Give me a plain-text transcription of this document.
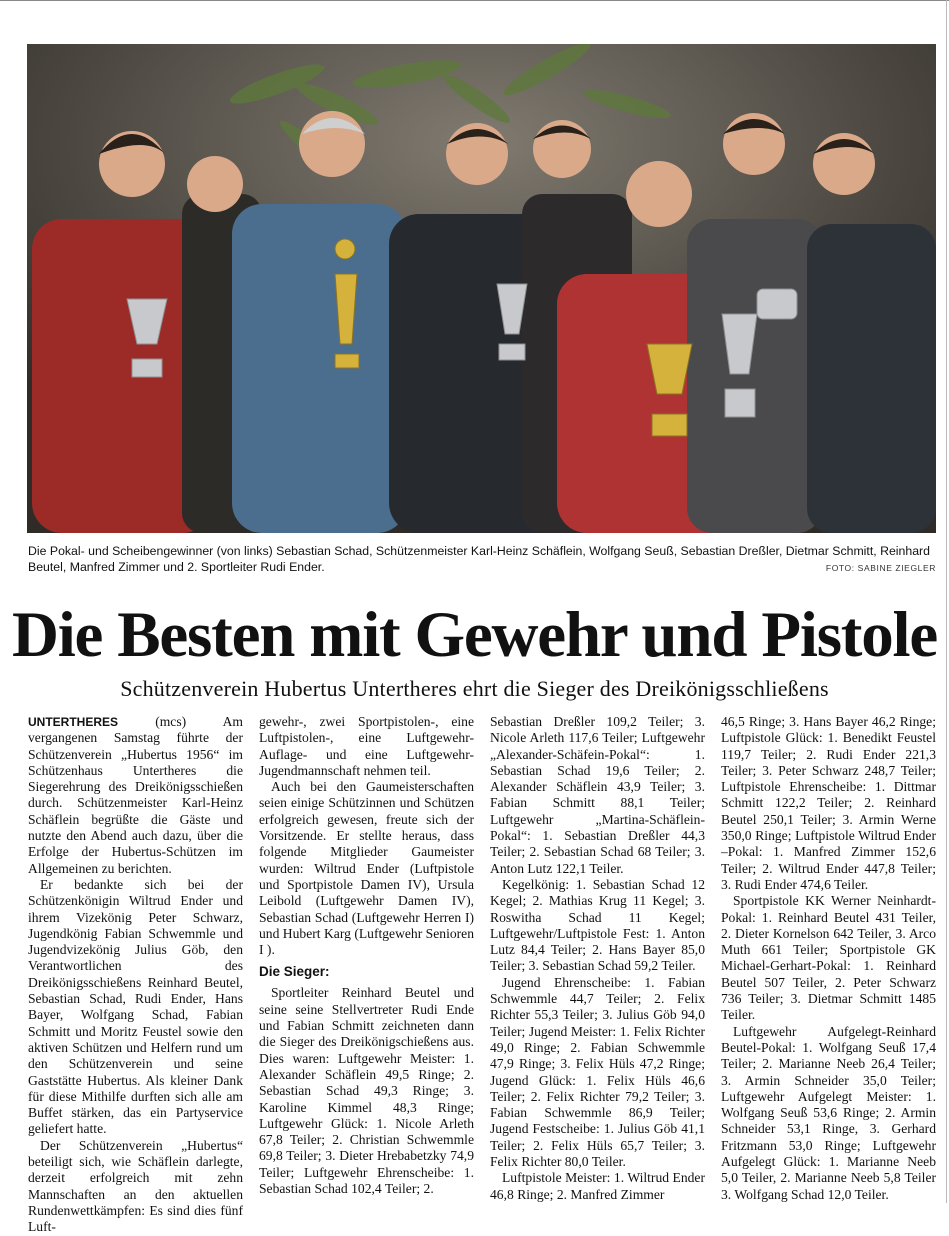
Die Pokal- und Scheibengewinner (von links) Sebastian Schad, Schützenmeister Karl-Heinz Schäflein, Wolfgang Seuß, Sebastian Dreßler, Dietmar Schmitt, Reinhard Beutel, Manfred Zimmer und 2. Sportleiter Rudi Ender.	FOTO: SABINE ZIEGLER
Die Besten mit Gewehr und Pistole
Schützenverein Hubertus Untertheres ehrt die Sieger des Dreikönigsschließens

UNTERTHERES	(mcs) Am vergangenen Samstag führte der Schützenverein „Hubertus 1956“ im Schützenhaus Untertheres die Siegerehrung des Dreikönigsschießen durch. Schützenmeister Karl-Heinz Schäflein begrüßte die Gäste und nutzte den Abend auch dazu, über die Erfolge der Hubertus-Schützen im Allgemeinen zu berichten.

Er bedankte sich bei der Schützenkönigin Wiltrud Ender und ihrem Vizekönig Peter Schwarz, Jugendkönig Fabian Schwemmle und Jugendvizekönig Julius Göb, den Verantwortlichen des Dreikönigsschießens Reinhard Beutel, Sebastian Schad, Rudi Ender, Hans Bayer, Wolfgang Schad, Fabian Schmitt und Moritz Feustel sowie den aktiven Schützen und Helfern rund um den Schützenverein und seine Gaststätte Hubertus. Als kleiner Dank für diese Mithilfe durften sich alle am Buffet stärken, das ein Partyservice geliefert hatte.

Der Schützenverein „Hubertus“ beteiligt sich, wie Schäflein darlegte, derzeit erfolgreich mit zehn Mannschaften an den aktuellen Rundenwettkämpfen: Es sind dies fünf Luft-

gewehr-, zwei Sportpistolen-, eine Luftpistolen-, eine Luftgewehr-Auflage- und eine Luftgewehr-Jugendmannschaft nehmen teil.

Auch bei den Gaumeisterschaften seien einige Schützinnen und Schützen erfolgreich gewesen, freute sich der Vorsitzende. Er stellte heraus, dass folgende Mitglieder Gaumeister wurden: Wiltrud Ender (Luftpistole und Sportpistole Damen IV), Ursula Leibold (Luftgewehr Damen IV), Sebastian Schad (Luftgewehr Herren I) und Hubert Karg (Luftgewehr Senioren I ).

Die Sieger:

Sportleiter Reinhard Beutel und seine seine Stellvertreter Rudi Ende und Fabian Schmitt zeichneten dann die Sieger des Dreikönigschießens aus. Dies waren: Luftgewehr Meister: 1. Alexander Schäflein 49,5 Ringe; 2. Sebastian Schad 49,3 Ringe; 3. Karoline Kimmel 48,3 Ringe; Luftgewehr Glück: 1. Nicole Arleth 67,8 Teiler; 2. Christian Schwemmle 69,8 Teiler; 3. Dieter Hrebabetzky 74,9 Teiler; Luftgewehr Ehrenscheibe: 1. Sebastian Schad 102,4 Teiler; 2.

Sebastian Dreßler 109,2 Teiler; 3. Nicole Arleth 117,6 Teiler; Luftgewehr „Alexander-Schäfein-Pokal“: 1. Sebastian Schad 19,6 Teiler; 2. Alexander Schäflein 43,9 Teiler; 3. Fabian Schmitt 88,1 Teiler; Luftgewehr „Martina-Schäflein-Pokal“: 1. Sebastian Dreßler 44,3 Teiler; 2. Sebastian Schad 68 Teiler; 3. Anton Lutz 122,1 Teiler.

Kegelkönig: 1. Sebastian Schad 12 Kegel; 2. Mathias Krug 11 Kegel; 3. Roswitha Schad 11 Kegel; Luftgewehr/Luftpistole Fest: 1. Anton Lutz 84,4 Teiler; 2. Hans Bayer 85,0 Teiler; 3. Sebastian Schad 59,2 Teiler.

Jugend Ehrenscheibe: 1. Fabian Schwemmle 44,7 Teiler; 2. Felix Richter 55,3 Teiler; 3. Julius Göb 94,0 Teiler; Jugend Meister: 1. Felix Richter 49,0 Ringe; 2. Fabian Schwemmle 47,9 Ringe; 3. Felix Hüls 47,2 Ringe; Jugend Glück: 1. Felix Hüls 46,6 Teiler; 2. Felix Richter 79,2 Teiler; 3. Fabian Schwemmle 86,9 Teiler; Jugend Festscheibe: 1. Julius Göb 41,1 Teiler; 2. Felix Hüls 65,7 Teiler; 3. Felix Richter 80,0 Teiler.

Luftpistole Meister: 1. Wiltrud Ender 46,8 Ringe; 2. Manfred Zimmer

46,5 Ringe; 3. Hans Bayer 46,2 Ringe; Luftpistole Glück: 1. Benedikt Feustel 119,7 Teiler; 2. Rudi Ender 221,3 Teiler; 3. Peter Schwarz 248,7 Teiler; Luftpistole Ehrenscheibe: 1. Dittmar Schmitt 122,2 Teiler; 2. Reinhard Beutel 250,1 Teiler; 3. Armin Werne 350,0 Ringe; Luftpistole Wiltrud Ender –Pokal: 1. Manfred Zimmer 152,6 Teiler; 2. Wiltrud Ender 447,8 Teiler; 3. Rudi Ender 474,6 Teiler.

Sportpistole KK Werner Neinhardt-Pokal: 1. Reinhard Beutel 431 Teiler, 2. Dieter Kornelson 642 Teiler, 3. Arco Muth 661 Teiler; Sportpistole GK Michael-Gerhart-Pokal: 1. Reinhard Beutel 507 Teiler, 2. Peter Schwarz 736 Teiler; 3. Dietmar Schmitt 1485 Teiler.

Luftgewehr Aufgelegt-Reinhard Beutel-Pokal: 1. Wolfgang Seuß 17,4 Teiler; 2. Marianne Neeb 26,4 Teiler; 3. Armin Schneider 35,0 Teiler; Luftgewehr Aufgelegt Meister: 1. Wolfgang Seuß 53,6 Ringe; 2. Armin Schneider 53,1 Ringe, 3. Gerhard Fritzmann 53,0 Ringe; Luftgewehr Aufgelegt Glück: 1. Marianne Neeb 5,0 Teiler, 2. Marianne Neeb 5,8 Teiler 3. Wolfgang Schad 12,0 Teiler.
